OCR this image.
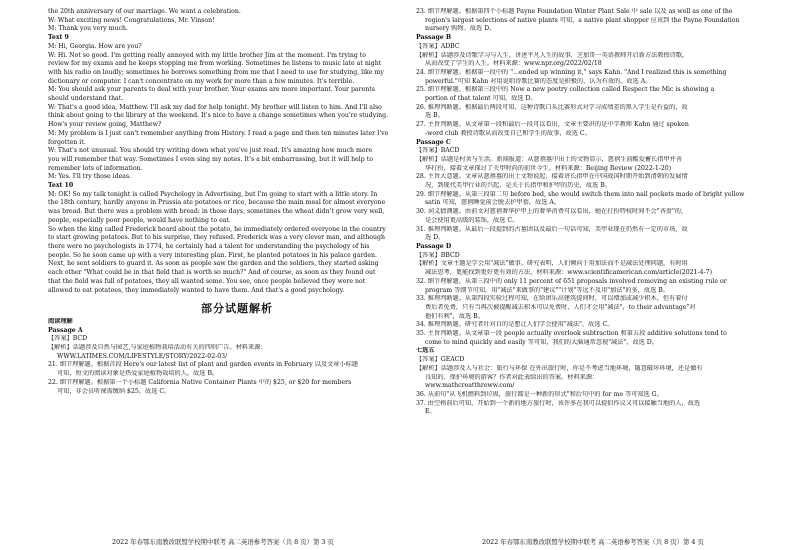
the 20th anniversary of our marriage. We want a celebration.
W: What exciting news! Congratulations, Mr. Vinson!
M: Thank you very much.
Text 9
M: Hi, Georgia. How are you?
W: Hi. Not so good. I'm getting really annoyed with my little brother Jim at the moment. I'm trying to
review for my exams and he keeps stopping me from working. Sometimes he listens to music late at night
with his radio on loudly; sometimes he borrows something from me that I need to use for studying, like my
dictionary or computer. I can't concentrate on my work for more than a few minutes. It's terrible.
M: You should ask your parents to deal with your brother. Your exams are more important. Your parents
should understand that.
W: That's a good idea, Matthew. I'll ask my dad for help tonight. My brother will listen to him. And I'll also
think about going to the library at the weekend. It's nice to have a change sometimes when you're studying.
How's your review going, Matthew?
M: My problem is I just can't remember anything from History. I read a page and then ten minutes later I've
forgotten it.
W: That's not unusual. You should try writing down what you've just read. It's amazing how much more
you will remember that way. Sometimes I even sing my notes. It's a bit embarrassing, but it will help to
remember lots of information.
M: Yes. I'll try those ideas.
Text 10
M: OK! So my talk tonight is called Psychology in Advertising, but I'm going to start with a little story. In
the 18th century, hardly anyone in Prussia ate potatoes or rice, because the main meal for almost everyone
was bread. But there was a problem with bread: in those days, sometimes the wheat didn't grow very well,
people, especially poor people, would have nothing to eat.
So when the king called Frederick heard about the potato, he immediately ordered everyone in the country
to start growing potatoes. But to his surprise, they refused. Frederick was a very clever man, and although
there were no psychologists in 1774, he certainly had a talent for understanding the psychology of his
people. So he soon came up with a very interesting plan. First, he planted potatoes in his palace garden.
Next, he sent soldiers to guard it. As soon as people saw the garden and the soldiers, they started asking
each other "What could be in that field that is worth so much?" And of course, as soon as they found out
that the field was full of potatoes, they all wanted some. You see, once people believed they were not
allowed to eat potatoes, they immediately wanted to have them. And that's a good psychology.
部分试题解析
阅读理解
Passage A
【答案】BCD
【解析】话题涉及自然与园艺,与家庭植物栽培活动有关的四则广告。材料来源：
WWW.LATIMES.COM/LIFESTYLE/STORY/2022-02-03/
21. 细节理解题。根据首段 Here's our latest list of plant and garden events in February 以及文章小标题
可知，短文的阅读对象是热爱家庭植物栽培的人。故选 B。
22. 细节理解题。根据第一个小标题 California Native Container Plants 中的 $25, or $20 for members
可知，非会员听课需缴纳 $25。故选 C。
23. 细节理解题。根据第四个小标题 Payne Foundation Winter Plant Sale 中 sale 以及 as well as one of the
region's largest selections of native plants 可知，a native plant shopper 应该到 the Payne Foundation
nursery 购物。故选 D。
Passage B
【答案】ADBC
【解析】话题涉及诗歌学习与人生。讲述平凡人生的故事，芝加哥一英语教师开启新方法教授诗歌，
从而改变了学生的人生。材料来源：www.npr.org/2022/02/18
24. 细节理解题。根据第一段中的 "...ended up winning it," says Kahn. "And I realized this is something
powerful."可知 Kahn 对用说唱诗歌比赛的态度是积极的，认为有效的。故选 A。
25. 细节理解题。根据第三段中的 Now a new poetry collection called Respect the Mic is showing a
portion of that talent 可知，故选 D。
26. 推理判断题。根据最后两段可知，这种诗歌口头比赛形式对学习成绩差的黑人学生是有益的，故
选 B。
27. 主旨判断题。从文章第一段和最后一段可以看出，文章主要讲的是中学教师 Kahn 通过 spoken
-word club 教授诗歌从而改变自己和学生的故事，故选 C。
Passage C
【答案】BACD
【解析】话题是村舍与生活。新闻报道：从慈禧墓中出土的文物显示，慈禧生前酷爱蓄长指甲并善
华打扮，接着文章探讨了关甲时尚的前世今生。材料来源：Beijing Review (2022-1-20)
28. 主旨大意题。文章从慈禧墓的出土文物说起，接着讲长指甲在中国战国时期开始到清朝的发展情
况，到现代美甲行业的兴起，是关于长指甲和护甲的历史，故选 B。
29. 细节理解题。从第三段第二句 before bed, she would switch them into nail pockets made of bright yellow
satin 可知，慈禧睡觉前会脱去护甲套，故选 A。
30. 词义猜测题。由前文对慈禧奢华护甲上的奢华消费可以看出，她在打扮特权时间不会"吝啬"的，
是会使用更高级的装饰，故选 C。
31. 推理判断题。从最后一段提到的古墓团以及最后一句话可知，美甲业现在仍然有一定的市场，故
选 D。
Passage D
【答案】BBCD
【解析】文章主题是学会用"减法"做事。研究表明，人们倾向于用加法而不是减法处理问题，有时用
减法思考，更能找到更好更有效的方法，材料来源：www.scientificamerican.com/article(2021-4-7)
32. 细节理解题。从第三段中的 only 11 percent of 651 proposals involved removing an existing rule or
program 等细节可知，用"减法"来做事的"建议""计划"等远不及用"加法"的多，故选 B。
33. 推理判断题。从第四段实验过程可知，在给团乐高建筑提问时，可以增加或减少积木，但有着付
费后者免费，只有当再次被提醒减去积木可以免费时，人们才会用"减法"，to their advantage"对
他们有利"，故选 B。
34. 推理判断题。研究者针对目的是想让人们学会使用"减法"，故选 C。
35. 主旨判断题。从文章第一段 people actually overlook subtraction 和第五段 additive solutions tend to
come to mind quickly and easily 等可知，我们的大脑通常忽视"减法"，故选 D。
七选五
【答案】GEACD
【解析】话题涉及人与社会：旅行与环保 在外出旅行时，你是不考虑当地环境，随意破坏环境，还是做有
良知的、保护环境的游客？作者对此表给出的答案。材料来源：
www.mathcreatthreww.com/
36. 从前句"从飞机燃料到垃圾，旅行都是一种新的形式"和后句中的 for me 等可知选 G。
37. 由空格前后可知，开始到一个新的地方旅行时，该许多在我可以提倡作议又可以接触当地的人，故选
E。
2022 年春鄂东南教改联盟学校期中联考 高二英语参考答案（共 8 页）第 3 页	2022 年春鄂东南教改联盟学校期中联考 高二英语参考答案（共 8 页）第 4 页
